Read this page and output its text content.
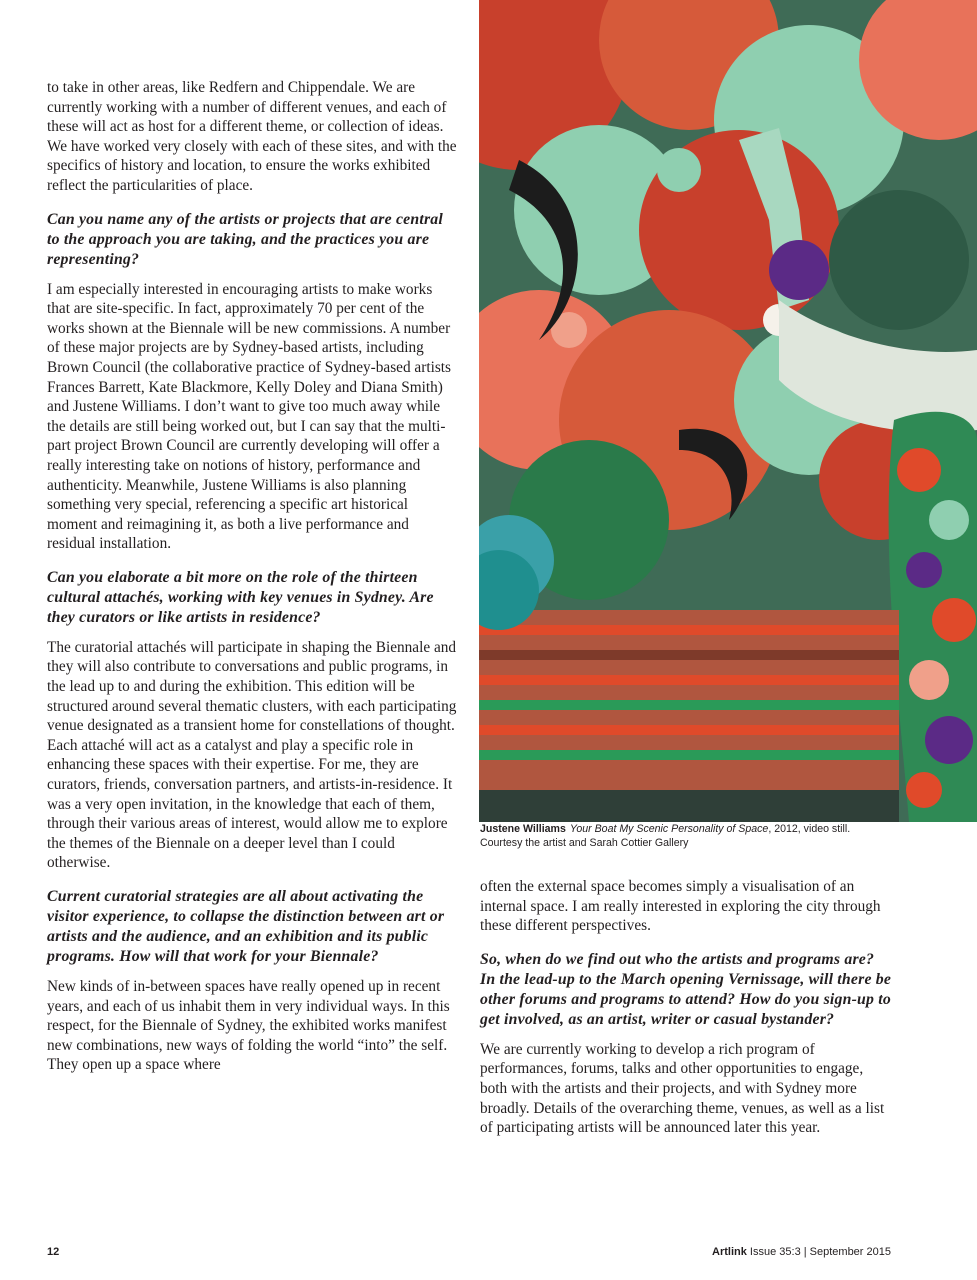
to take in other areas, like Redfern and Chippendale. We are currently working with a number of different venues, and each of these will act as host for a different theme, or collection of ideas. We have worked very closely with each of these sites, and with the specifics of history and location, to ensure the works exhibited reflect the particularities of place.

Can you name any of the artists or projects that are central to the approach you are taking, and the practices you are representing?

I am especially interested in encouraging artists to make works that are site-specific. In fact, approximately 70 per cent of the works shown at the Biennale will be new commissions. A number of these major projects are by Sydney-based artists, including Brown Council (the collaborative practice of Sydney-based artists Frances Barrett, Kate Blackmore, Kelly Doley and Diana Smith) and Justene Williams. I don’t want to give too much away while the details are still being worked out, but I can say that the multi-part project Brown Council are currently developing will offer a really interesting take on notions of history, performance and authenticity. Meanwhile, Justene Williams is also planning something very special, referencing a specific art historical moment and reimagining it, as both a live performance and residual installation.

Can you elaborate a bit more on the role of the thirteen cultural attachés, working with key venues in Sydney. Are they curators or like artists in residence?

The curatorial attachés will participate in shaping the Biennale and they will also contribute to conversations and public programs, in the lead up to and during the exhibition. This edition will be structured around several thematic clusters, with each participating venue designated as a transient home for constellations of thought. Each attaché will act as a catalyst and play a specific role in enhancing these spaces with their expertise. For me, they are curators, friends, conversation partners, and artists-in-residence. It was a very open invitation, in the knowledge that each of them, through their various areas of interest, would allow me to explore the themes of the Biennale on a deeper level than I could otherwise.

Current curatorial strategies are all about activating the visitor experience, to collapse the distinction between art or artists and the audience, and an exhibition and its public programs. How will that work for your Biennale?

New kinds of in-between spaces have really opened up in recent years, and each of us inhabit them in very individual ways. In this respect, for the Biennale of Sydney, the exhibited works manifest new combinations, new ways of folding the world “into” the self. They open up a space where

Justene Williams Your Boat My Scenic Personality of Space, 2012, video still.
Courtesy the artist and Sarah Cottier Gallery

often the external space becomes simply a visualisation of an internal space. I am really interested in exploring the city through these different perspectives.

So, when do we find out who the artists and programs are? In the lead-up to the March opening Vernissage, will there be other forums and programs to attend? How do you sign-up to get involved, as an artist, writer or casual bystander?

We are currently working to develop a rich program of performances, forums, talks and other opportunities to engage, both with the artists and their projects, and with Sydney more broadly. Details of the overarching theme, venues, as well as a list of participating artists will be announced later this year.

12	Artlink Issue 35:3 | September 2015
